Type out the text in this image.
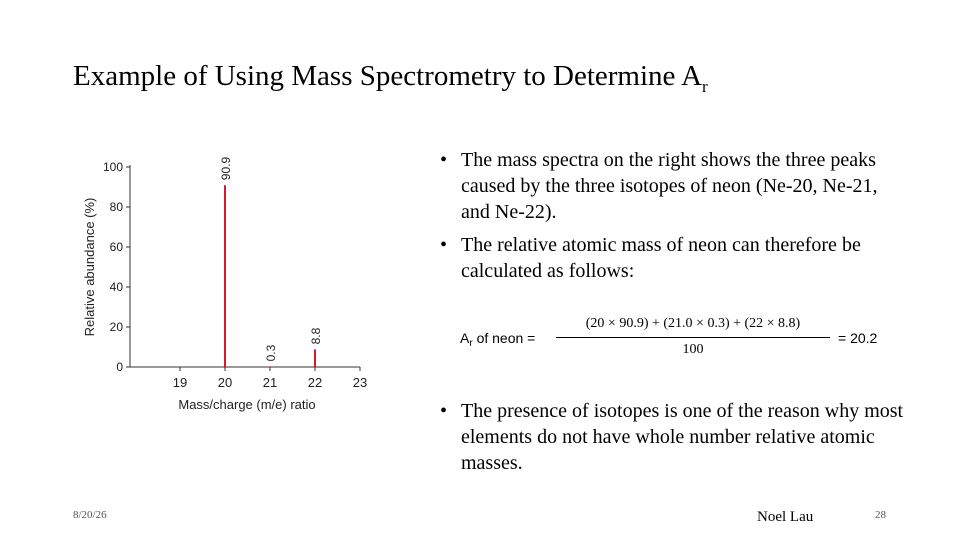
Example of Using Mass Spectrometry to Determine $A_r$
0
20
40
60
80
100
19 20 21 22 23
90.9
0.3
8.8
Mass/charge (m/e) ratio
Relative abundance (%)
• The mass spectra on the right shows the three peaks caused by the three isotopes of neon (Ne-20, Ne-21, and Ne-22).
• The relative atomic mass of neon can therefore be calculated as follows:
$A_r$ of neon =
(20 × 90.9) + (21.0 × 0.3) + (22 × 8.8)
100
= 20.2
• The presence of isotopes is one of the reason why most elements do not have whole number relative atomic masses.
8/20/26	Noel Lau	28
